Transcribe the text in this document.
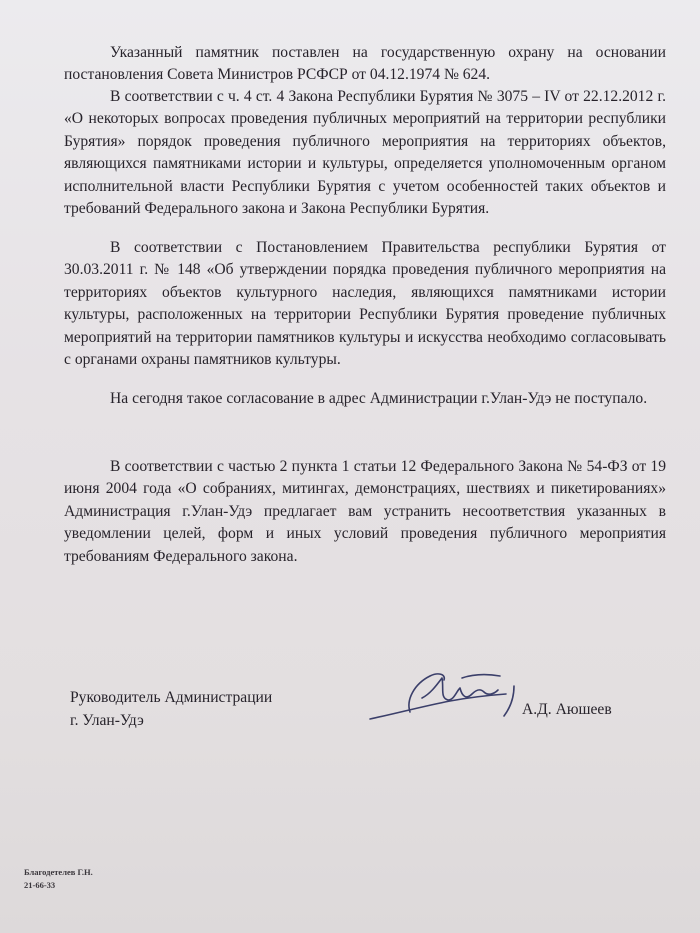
Указанный памятник поставлен на государственную охрану на основании постановления Совета Министров РСФСР от 04.12.1974 № 624.

В соответствии с ч. 4 ст. 4 Закона Республики Бурятия № 3075 – IV от 22.12.2012 г. «О некоторых вопросах проведения публичных мероприятий на территории республики Бурятия» порядок проведения публичного мероприятия на территориях объектов, являющихся памятниками истории и культуры, определяется уполномоченным органом исполнительной власти Республики Бурятия с учетом особенностей таких объектов и требований Федерального закона и Закона Республики Бурятия.

В соответствии с Постановлением Правительства республики Бурятия от 30.03.2011 г. № 148 «Об утверждении порядка проведения публичного мероприятия на территориях объектов культурного наследия, являющихся памятниками истории культуры, расположенных на территории Республики Бурятия проведение публичных мероприятий на территории памятников культуры и искусства необходимо согласовывать с органами охраны памятников культуры.

На сегодня такое согласование в адрес Администрации г.Улан-Удэ не поступало.

В соответствии с частью 2 пункта 1 статьи 12 Федерального Закона № 54-ФЗ от 19 июня 2004 года «О собраниях, митингах, демонстрациях, шествиях и пикетированиях» Администрация г.Улан-Удэ предлагает вам устранить несоответствия указанных в уведомлении целей, форм и иных условий проведения публичного мероприятия требованиям Федерального закона.

Руководитель Администрации
г. Улан-Удэ
А.Д. Аюшеев
Благодетелев Г.Н.
21-66-33
